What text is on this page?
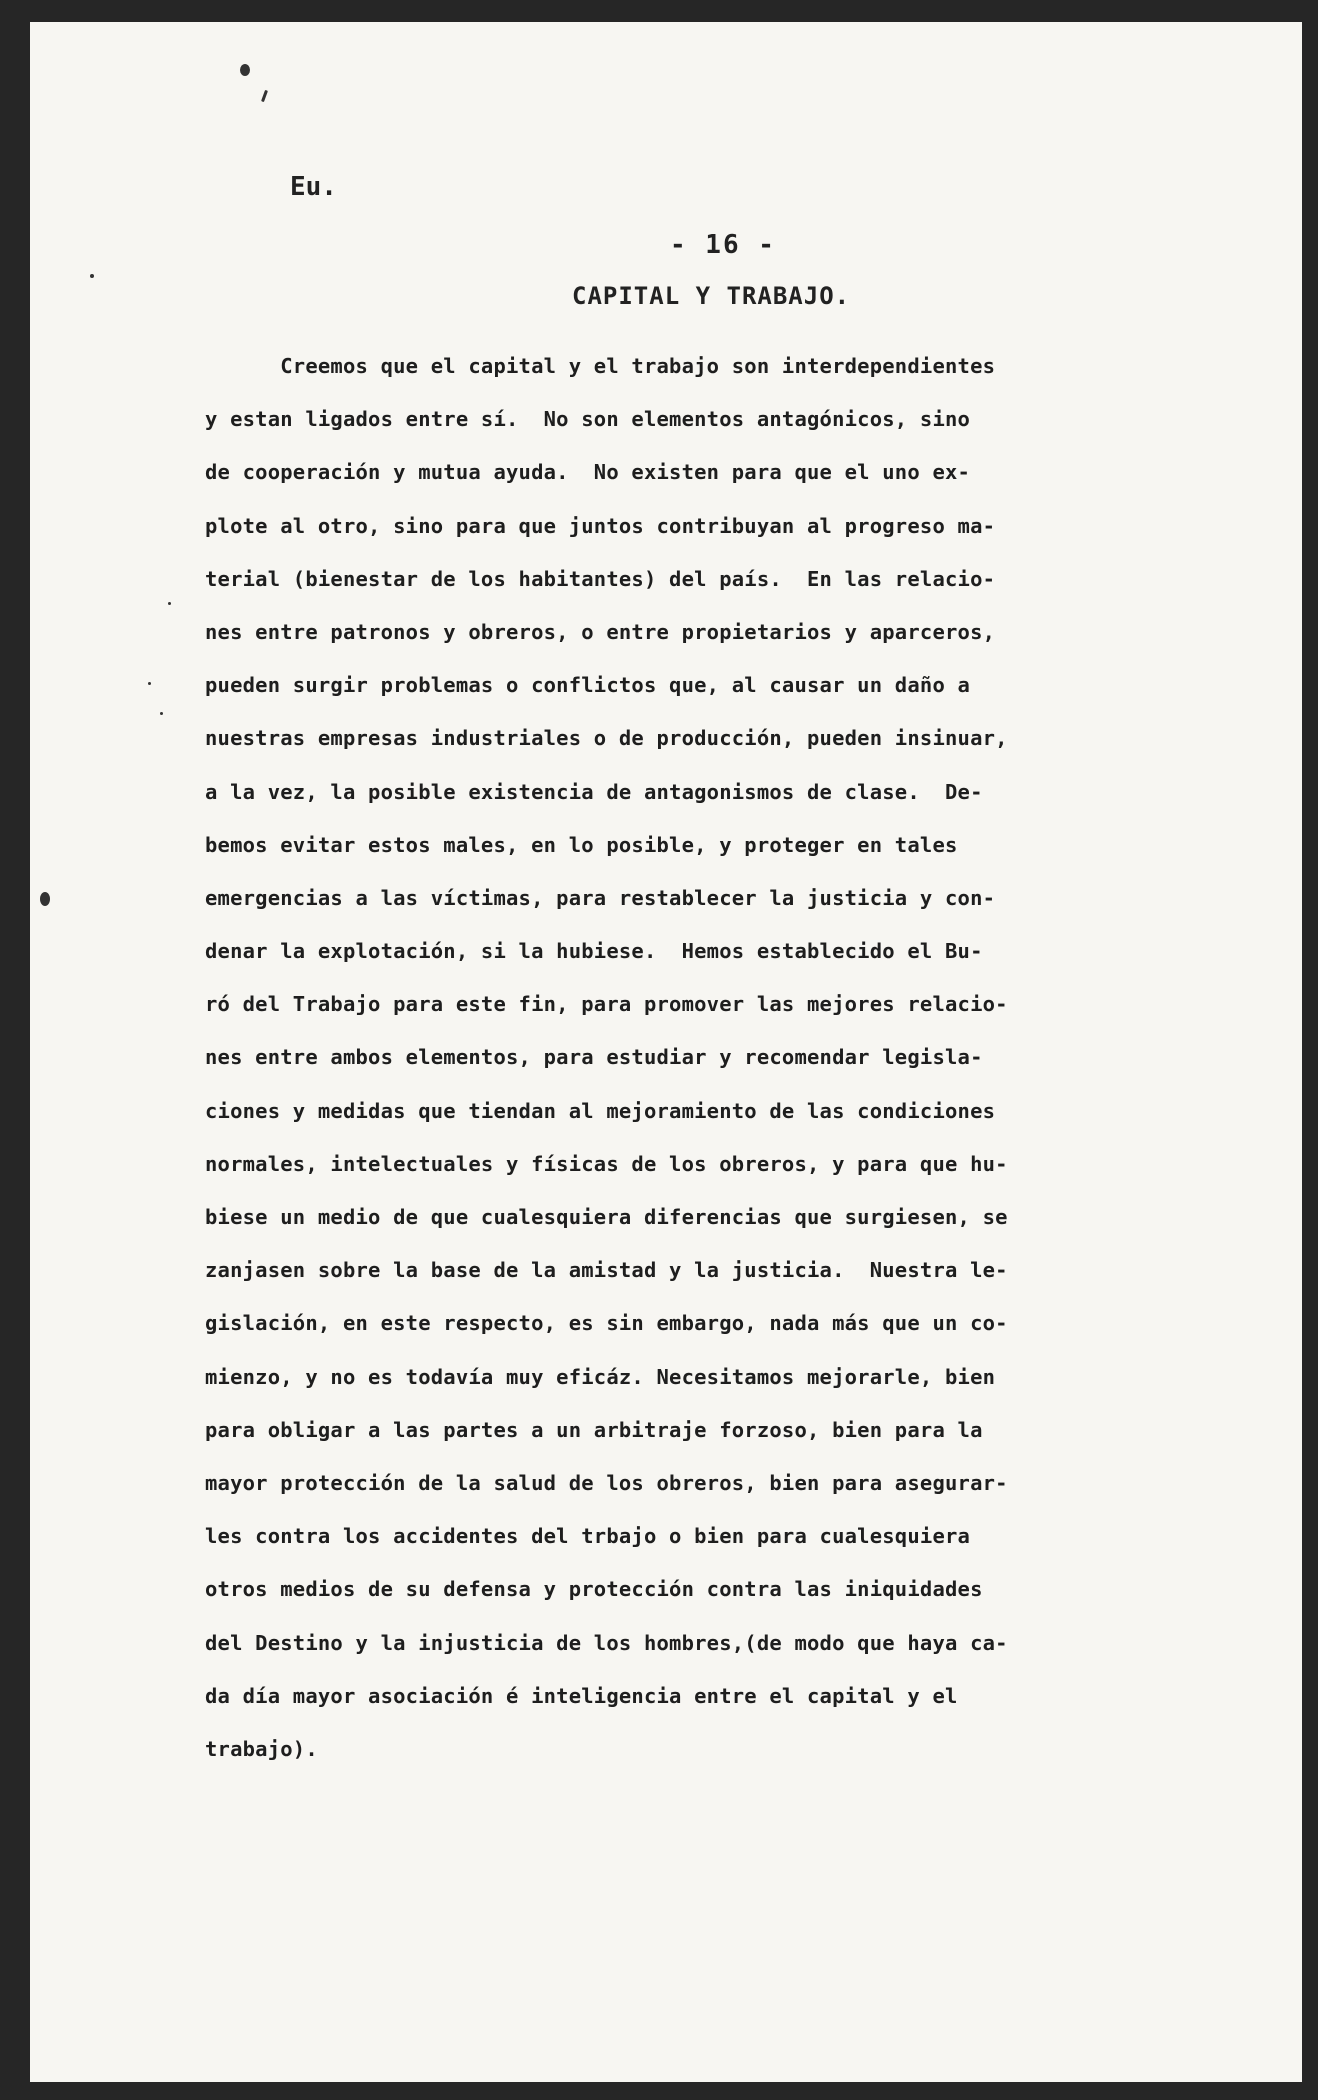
Eu.
- 16 -
CAPITAL Y TRABAJO.
Creemos que el capital y el trabajo son interdependientes
y estan ligados entre sí.  No son elementos antagónicos, sino
de cooperación y mutua ayuda.  No existen para que el uno ex-
plote al otro, sino para que juntos contribuyan al progreso ma-
terial (bienestar de los habitantes) del país.  En las relacio-
nes entre patronos y obreros, o entre propietarios y aparceros,
pueden surgir problemas o conflictos que, al causar un daño a
nuestras empresas industriales o de producción, pueden insinuar,
a la vez, la posible existencia de antagonismos de clase.  De-
bemos evitar estos males, en lo posible, y proteger en tales
emergencias a las víctimas, para restablecer la justicia y con-
denar la explotación, si la hubiese.  Hemos establecido el Bu-
ró del Trabajo para este fin, para promover las mejores relacio-
nes entre ambos elementos, para estudiar y recomendar legisla-
ciones y medidas que tiendan al mejoramiento de las condiciones
normales, intelectuales y físicas de los obreros, y para que hu-
biese un medio de que cualesquiera diferencias que surgiesen, se
zanjasen sobre la base de la amistad y la justicia.  Nuestra le-
gislación, en este respecto, es sin embargo, nada más que un co-
mienzo, y no es todavía muy eficáz. Necesitamos mejorarle, bien
para obligar a las partes a un arbitraje forzoso, bien para la
mayor protección de la salud de los obreros, bien para asegurar-
les contra los accidentes del trbajo o bien para cualesquiera
otros medios de su defensa y protección contra las iniquidades
del Destino y la injusticia de los hombres,(de modo que haya ca-
da día mayor asociación é inteligencia entre el capital y el
trabajo).
